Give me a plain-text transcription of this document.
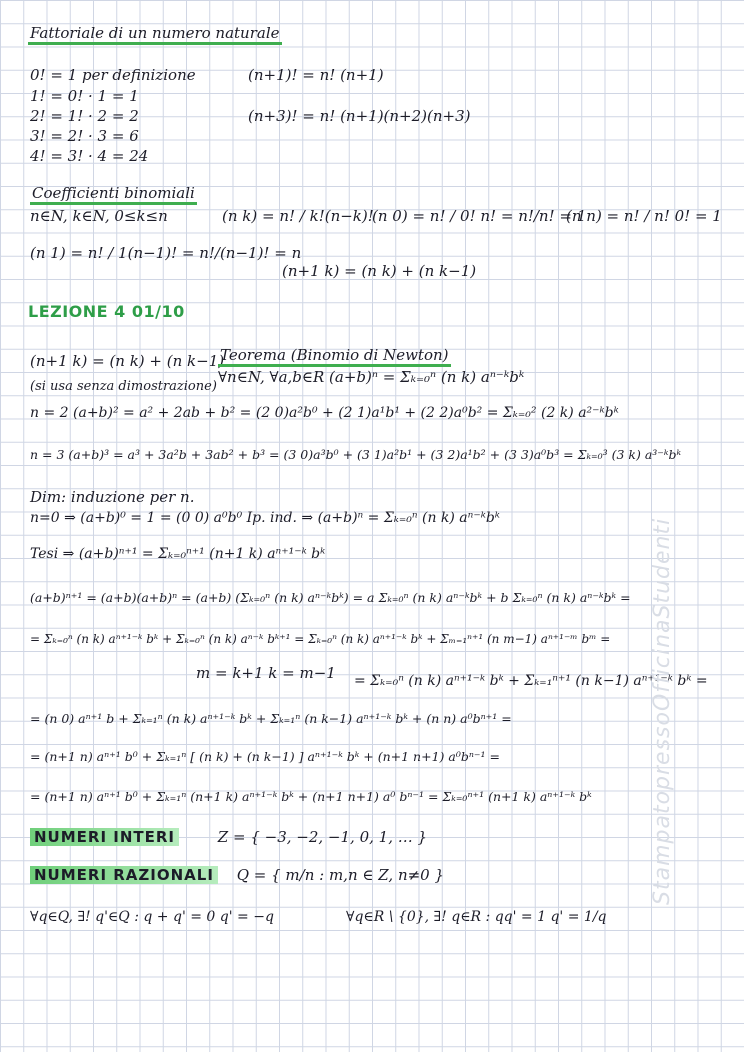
Fattoriale di un numero naturale
0! = 1 per definizione	(n+1)! = n! (n+1)
1! = 0! · 1 = 1
2! = 1! · 2 = 2	(n+3)! = n! (n+1)(n+2)(n+3)
3! = 2! · 3 = 6
4! = 3! · 4 = 24
Coefficienti binomiali
n∈N, k∈N, 0≤k≤n	(n k) = n! / k!(n−k)!
(n 0) = n! / 0! n! = n!/n! = 1
(n n) = n! / n! 0! = 1
(n 1) = n! / 1(n−1)! = n!/(n−1)! = n
(n+1 k) = (n k) + (n k−1)
LEZIONE 4 01/10
(n+1 k) = (n k) + (n k−1)
Teorema (Binomio di Newton)
∀n∈N, ∀a,b∈R (a+b)ⁿ = Σₖ₌₀ⁿ (n k) aⁿ⁻ᵏbᵏ
(si usa senza dimostrazione)
n = 2 (a+b)² = a² + 2ab + b² = (2 0)a²b⁰ + (2 1)a¹b¹ + (2 2)a⁰b² = Σₖ₌₀² (2 k) a²⁻ᵏbᵏ
n = 3 (a+b)³ = a³ + 3a²b + 3ab² + b³ = (3 0)a³b⁰ + (3 1)a²b¹ + (3 2)a¹b² + (3 3)a⁰b³ = Σₖ₌₀³ (3 k) a³⁻ᵏbᵏ
Dim: induzione per n.
n=0 ⇒ (a+b)⁰ = 1 = (0 0) a⁰b⁰ Ip. ind. ⇒ (a+b)ⁿ = Σₖ₌₀ⁿ (n k) aⁿ⁻ᵏbᵏ
Tesi ⇒ (a+b)ⁿ⁺¹ = Σₖ₌₀ⁿ⁺¹ (n+1 k) aⁿ⁺¹⁻ᵏ bᵏ
(a+b)ⁿ⁺¹ = (a+b)(a+b)ⁿ = (a+b) (Σₖ₌₀ⁿ (n k) aⁿ⁻ᵏbᵏ) = a Σₖ₌₀ⁿ (n k) aⁿ⁻ᵏbᵏ + b Σₖ₌₀ⁿ (n k) aⁿ⁻ᵏbᵏ =
= Σₖ₌₀ⁿ (n k) aⁿ⁺¹⁻ᵏ bᵏ + Σₖ₌₀ⁿ (n k) aⁿ⁻ᵏ bᵏ⁺¹ = Σₖ₌₀ⁿ (n k) aⁿ⁺¹⁻ᵏ bᵏ + Σₘ₌₁ⁿ⁺¹ (n m−1) aⁿ⁺¹⁻ᵐ bᵐ =
m = k+1 k = m−1 = Σₖ₌₀ⁿ (n k) aⁿ⁺¹⁻ᵏ bᵏ + Σₖ₌₁ⁿ⁺¹ (n k−1) aⁿ⁺¹⁻ᵏ bᵏ =
= (n 0) aⁿ⁺¹ b + Σₖ₌₁ⁿ (n k) aⁿ⁺¹⁻ᵏ bᵏ + Σₖ₌₁ⁿ (n k−1) aⁿ⁺¹⁻ᵏ bᵏ + (n n) a⁰bⁿ⁺¹ =
= (n+1 n) aⁿ⁺¹ b⁰ + Σₖ₌₁ⁿ [ (n k) + (n k−1) ] aⁿ⁺¹⁻ᵏ bᵏ + (n+1 n+1) a⁰bⁿ⁻¹ =
= (n+1 n) aⁿ⁺¹ b⁰ + Σₖ₌₁ⁿ (n+1 k) aⁿ⁺¹⁻ᵏ bᵏ + (n+1 n+1) a⁰ bⁿ⁻¹ = Σₖ₌₀ⁿ⁺¹ (n+1 k) aⁿ⁺¹⁻ᵏ bᵏ
NUMERI INTERI	Z = { −3, −2, −1, 0, 1, … }
NUMERI RAZIONALI Q = { m/n : m,n ∈ Z, n≠0 }
∀q∈Q, ∃! q'∈Q : q + q' = 0 q' = −q	∀q∈R \ {0}, ∃! q∈R : qq' = 1 q' = 1/q
StampatopressoOfficinaStudenti
